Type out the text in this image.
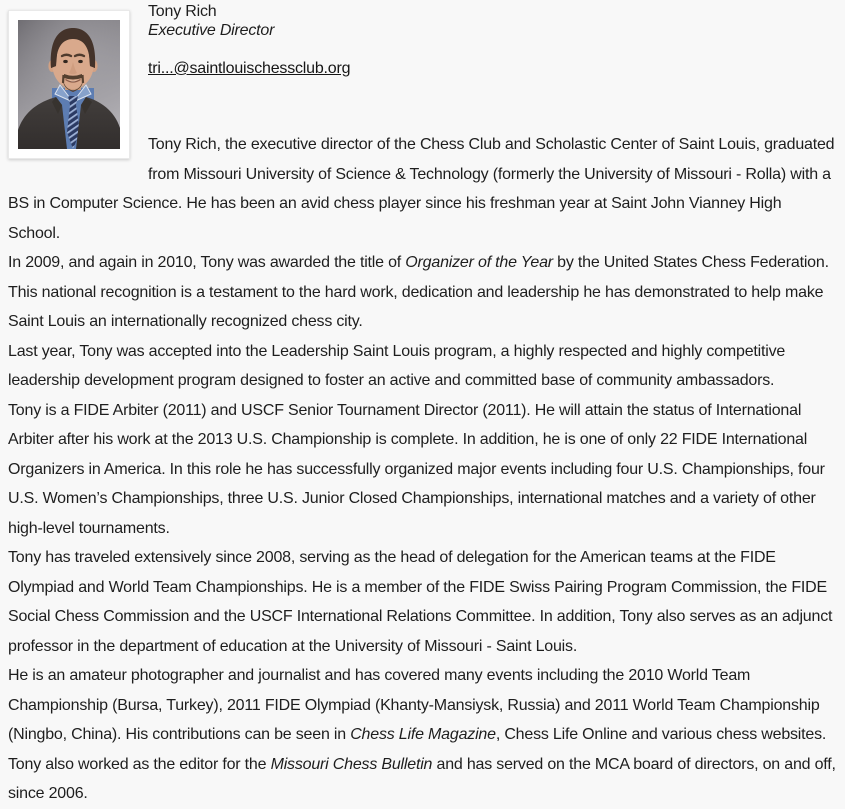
Tony Rich
Executive Director
tri...@saintlouischessclub.org

Tony Rich, the executive director of the Chess Club and Scholastic Center of Saint Louis, graduated from Missouri University of Science & Technology (formerly the University of Missouri - Rolla) with a BS in Computer Science. He has been an avid chess player since his freshman year at Saint John Vianney High School.

In 2009, and again in 2010, Tony was awarded the title of Organizer of the Year by the United States Chess Federation. This national recognition is a testament to the hard work, dedication and leadership he has demonstrated to help make Saint Louis an internationally recognized chess city.

Last year, Tony was accepted into the Leadership Saint Louis program, a highly respected and highly competitive leadership development program designed to foster an active and committed base of community ambassadors.

Tony is a FIDE Arbiter (2011) and USCF Senior Tournament Director (2011). He will attain the status of International Arbiter after his work at the 2013 U.S. Championship is complete. In addition, he is one of only 22 FIDE International Organizers in America. In this role he has successfully organized major events including four U.S. Championships, four U.S. Women’s Championships, three U.S. Junior Closed Championships, international matches and a variety of other high-level tournaments.

Tony has traveled extensively since 2008, serving as the head of delegation for the American teams at the FIDE Olympiad and World Team Championships. He is a member of the FIDE Swiss Pairing Program Commission, the FIDE Social Chess Commission and the USCF International Relations Committee. In addition, Tony also serves as an adjunct professor in the department of education at the University of Missouri - Saint Louis.

He is an amateur photographer and journalist and has covered many events including the 2010 World Team Championship (Bursa, Turkey), 2011 FIDE Olympiad (Khanty-Mansiysk, Russia) and 2011 World Team Championship (Ningbo, China). His contributions can be seen in Chess Life Magazine, Chess Life Online and various chess websites. Tony also worked as the editor for the Missouri Chess Bulletin and has served on the MCA board of directors, on and off, since 2006.
